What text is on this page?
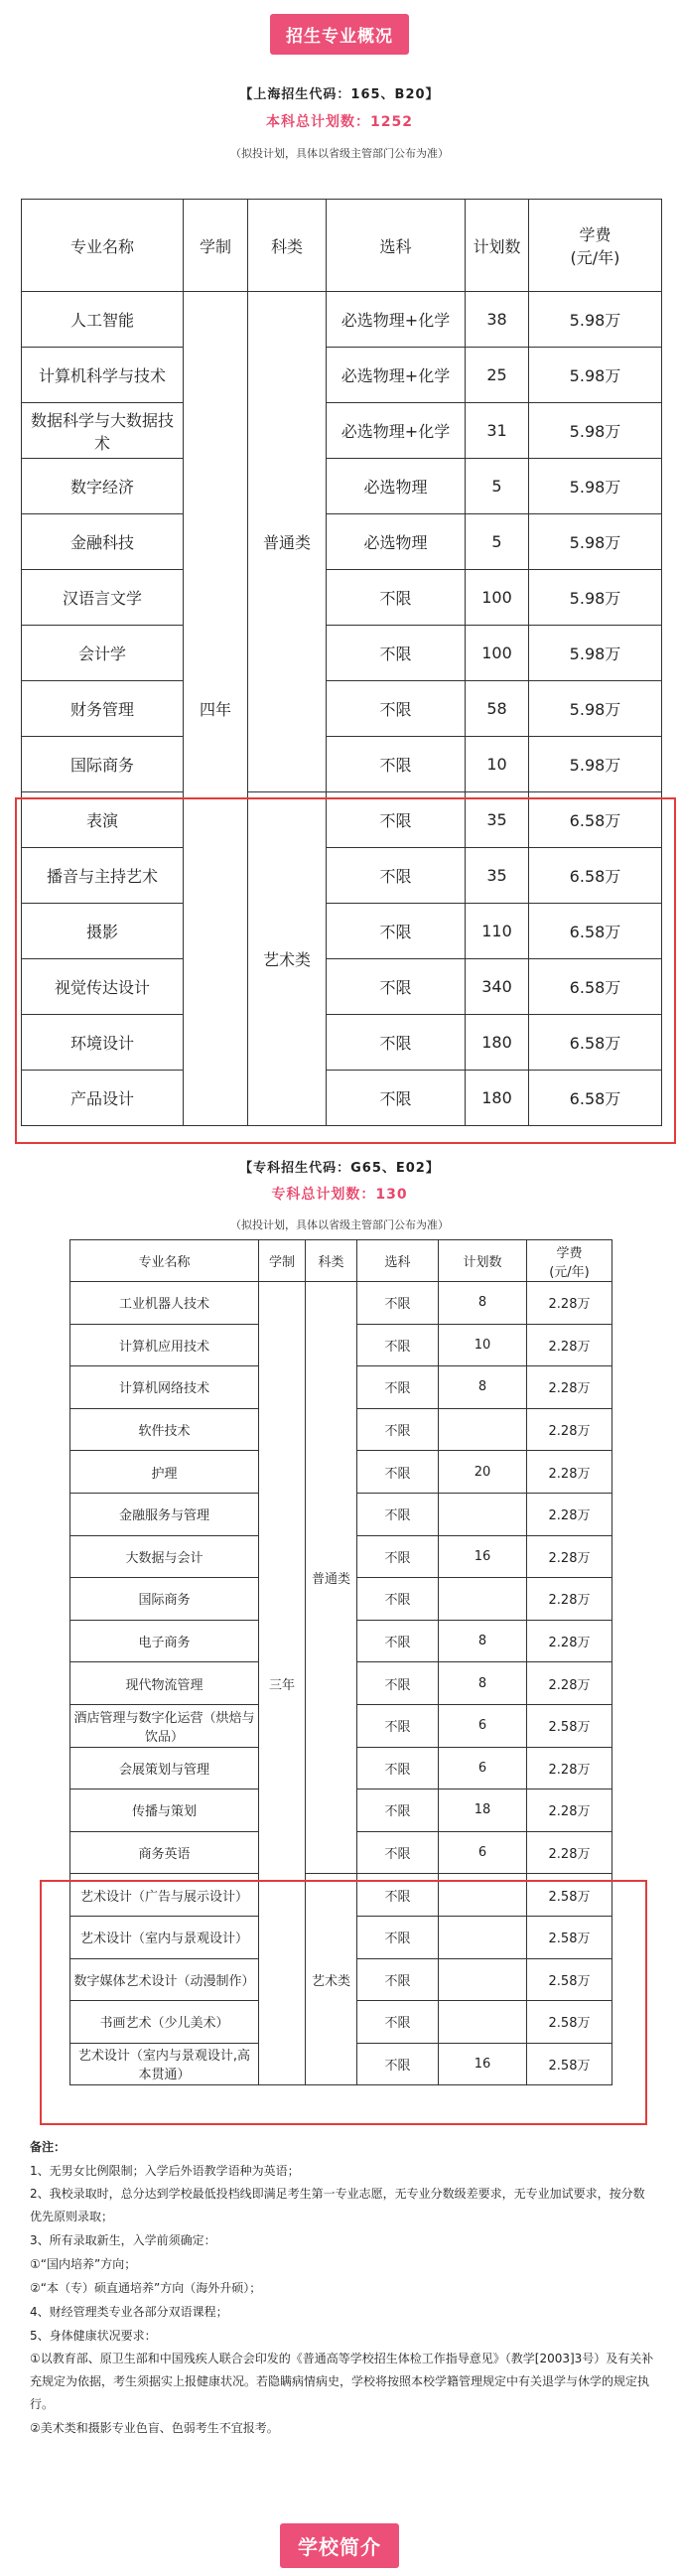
招生专业概况
【上海招生代码：165、B20】
本科总计划数：1252
（拟投计划，具体以省级主管部门公布为准）
专业名称	学制	科类	选科	计划数	学费
(元/年)
人工智能	四年	普通类	必选物理+化学	38	5.98万
计算机科学与技术			必选物理+化学	25	5.98万
数据科学与大数据技术			必选物理+化学	31	5.98万
数字经济			必选物理	5	5.98万
金融科技			必选物理	5	5.98万
汉语言文学			不限	100	5.98万
会计学			不限	100	5.98万
财务管理			不限	58	5.98万
国际商务			不限	10	5.98万
表演		艺术类	不限	35	6.58万
播音与主持艺术			不限	35	6.58万
摄影			不限	110	6.58万
视觉传达设计			不限	340	6.58万
环境设计			不限	180	6.58万
产品设计			不限	180	6.58万
【专科招生代码：G65、E02】
专科总计划数：130
（拟投计划，具体以省级主管部门公布为准）
专业名称	学制	科类	选科	计划数	学费
(元/年)
工业机器人技术	三年	普通类	不限	8	2.28万
计算机应用技术			不限	10	2.28万
计算机网络技术			不限	8	2.28万
软件技术			不限		2.28万
护理			不限	20	2.28万
金融服务与管理			不限		2.28万
大数据与会计			不限	16	2.28万
国际商务			不限		2.28万
电子商务			不限	8	2.28万
现代物流管理			不限	8	2.28万
酒店管理与数字化运营（烘焙与饮品）			不限	6	2.58万
会展策划与管理			不限	6	2.28万
传播与策划			不限	18	2.28万
商务英语			不限	6	2.28万
艺术设计（广告与展示设计）		艺术类	不限		2.58万
艺术设计（室内与景观设计）			不限		2.58万
数字媒体艺术设计（动漫制作）			不限		2.58万
书画艺术（少儿美术）			不限		2.58万
艺术设计（室内与景观设计,高本贯通）			不限	16	2.58万

备注：

1、无男女比例限制；入学后外语教学语种为英语；

2、我校录取时，总分达到学校最低投档线即满足考生第一专业志愿，无专业分数级差要求，无专业加试要求，按分数优先原则录取；

3、所有录取新生，入学前须确定：

①“国内培养”方向；

②“本（专）硕直通培养”方向（海外升硕）；

4、财经管理类专业各部分双语课程；

5、身体健康状况要求：

①以教育部、原卫生部和中国残疾人联合会印发的《普通高等学校招生体检工作指导意见》（教学[2003]3号）及有关补充规定为依据，考生须据实上报健康状况。若隐瞒病情病史，学校将按照本校学籍管理规定中有关退学与休学的规定执行。

②美术类和摄影专业色盲、色弱考生不宜报考。

学校简介
